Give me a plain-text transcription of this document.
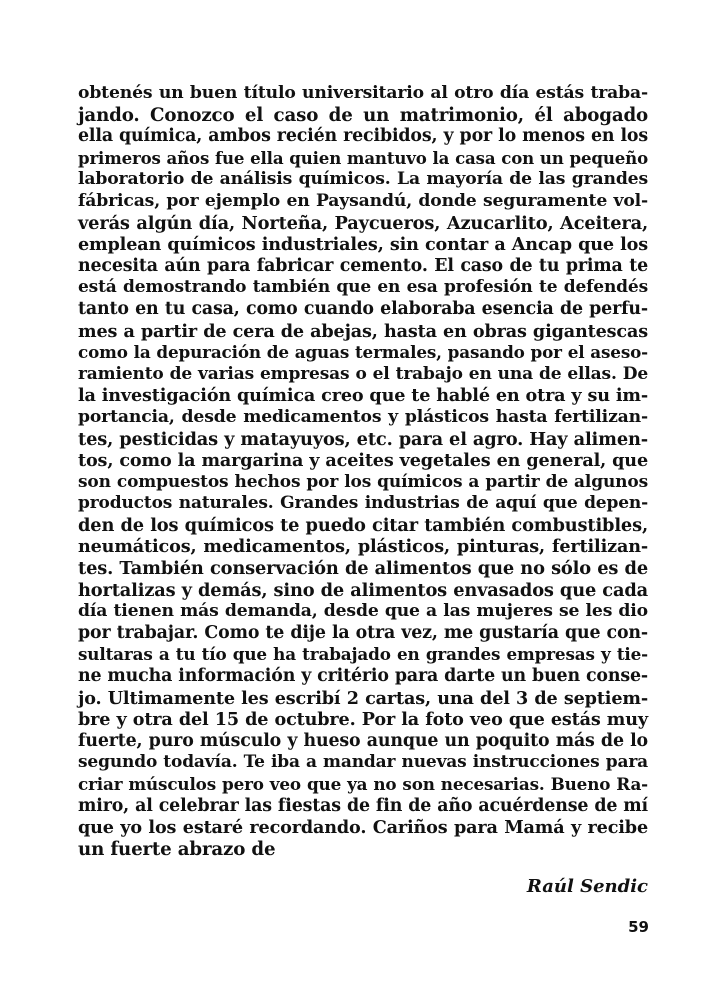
obtenés un buen título universitario al otro día estás traba-
jando. Conozco el caso de un matrimonio, él abogado
ella química, ambos recién recibidos, y por lo menos en los
primeros años fue ella quien mantuvo la casa con un pequeño
laboratorio de análisis químicos. La mayoría de las grandes
fábricas, por ejemplo en Paysandú, donde seguramente vol-
verás algún día, Norteña, Paycueros, Azucarlito, Aceitera,
emplean químicos industriales, sin contar a Ancap que los
necesita aún para fabricar cemento. El caso de tu prima te
está demostrando también que en esa profesión te defendés
tanto en tu casa, como cuando elaboraba esencia de perfu-
mes a partir de cera de abejas, hasta en obras gigantescas
como la depuración de aguas termales, pasando por el aseso-
ramiento de varias empresas o el trabajo en una de ellas. De
la investigación química creo que te hablé en otra y su im-
portancia, desde medicamentos y plásticos hasta fertilizan-
tes, pesticidas y matayuyos, etc. para el agro. Hay alimen-
tos, como la margarina y aceites vegetales en general, que
son compuestos hechos por los químicos a partir de algunos
productos naturales. Grandes industrias de aquí que depen-
den de los químicos te puedo citar también combustibles,
neumáticos, medicamentos, plásticos, pinturas, fertilizan-
tes. También conservación de alimentos que no sólo es de
hortalizas y demás, sino de alimentos envasados que cada
día tienen más demanda, desde que a las mujeres se les dio
por trabajar. Como te dije la otra vez, me gustaría que con-
sultaras a tu tío que ha trabajado en grandes empresas y tie-
ne mucha información y critério para darte un buen conse-
jo. Ultimamente les escribí 2 cartas, una del 3 de septiem-
bre y otra del 15 de octubre. Por la foto veo que estás muy
fuerte, puro músculo y hueso aunque un poquito más de lo
segundo todavía. Te iba a mandar nuevas instrucciones para
criar músculos pero veo que ya no son necesarias. Bueno Ra-
miro, al celebrar las fiestas de fin de año acuérdense de mí
que yo los estaré recordando. Cariños para Mamá y recibe
un fuerte abrazo de
Raúl Sendic
59
